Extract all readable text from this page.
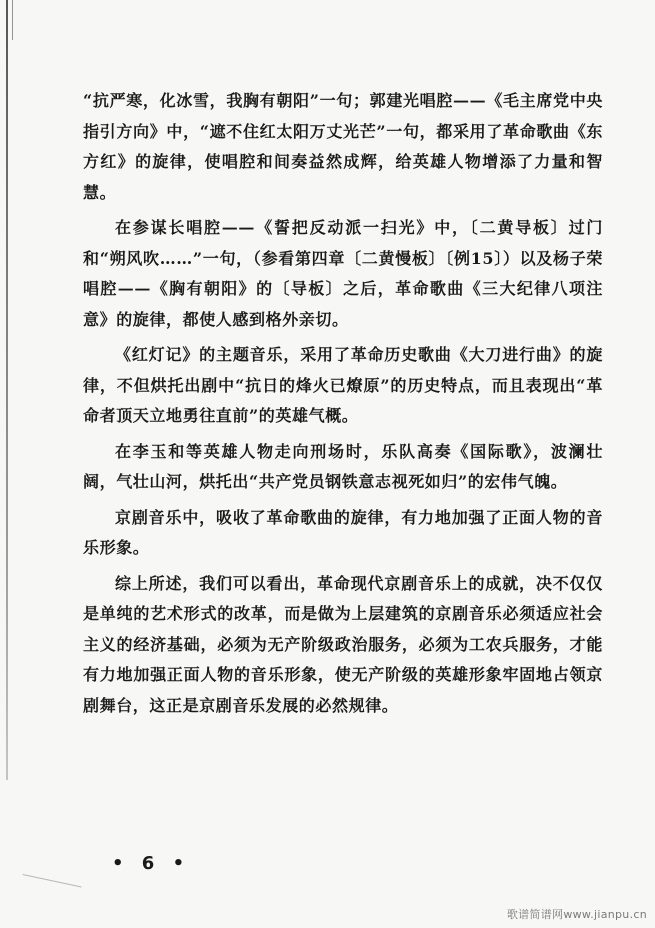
“抗严寒，化冰雪，我胸有朝阳”一句；郭建光唱腔——《毛主席党中央指引方向》中，“遮不住红太阳万丈光芒”一句，都采用了革命歌曲《东方红》的旋律，使唱腔和间奏益然成辉，给英雄人物增添了力量和智慧。

在参谋长唱腔——《誓把反动派一扫光》中，〔二黄导板〕过门和“朔风吹……”一句，（参看第四章〔二黄慢板〕〔例15〕）以及杨子荣唱腔——《胸有朝阳》的〔导板〕之后，革命歌曲《三大纪律八项注意》的旋律，都使人感到格外亲切。

《红灯记》的主题音乐，采用了革命历史歌曲《大刀进行曲》的旋律，不但烘托出剧中“抗日的烽火已燎原”的历史特点，而且表现出“革命者顶天立地勇往直前”的英雄气概。

在李玉和等英雄人物走向刑场时，乐队高奏《国际歌》，波澜壮阔，气壮山河，烘托出“共产党员钢铁意志视死如归”的宏伟气魄。

京剧音乐中，吸收了革命歌曲的旋律，有力地加强了正面人物的音乐形象。

综上所述，我们可以看出，革命现代京剧音乐上的成就，决不仅仅是单纯的艺术形式的改革，而是做为上层建筑的京剧音乐必须适应社会主义的经济基础，必须为无产阶级政治服务，必须为工农兵服务，才能有力地加强正面人物的音乐形象，使无产阶级的英雄形象牢固地占领京剧舞台，这正是京剧音乐发展的必然规律。

• 6 •
歌谱简谱网www.jianpu.cn
